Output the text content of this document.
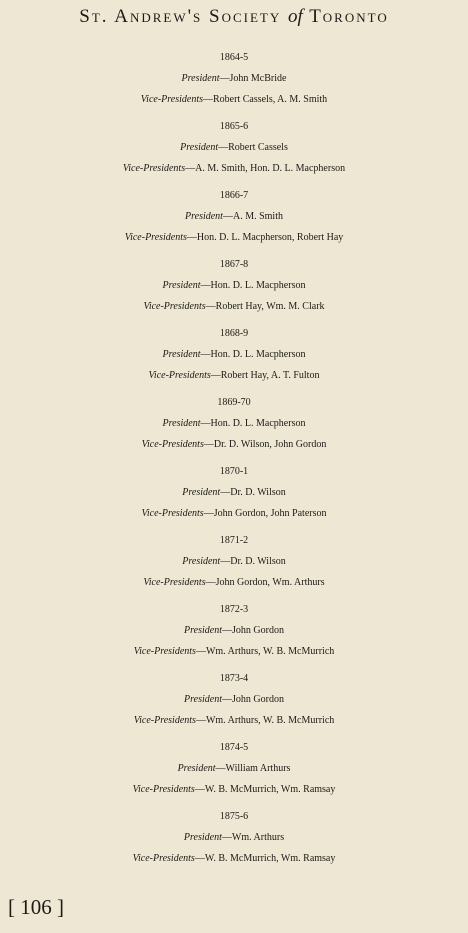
St. Andrew's Society of Toronto
1864-5
President—John McBride
Vice-Presidents—Robert Cassels, A. M. Smith
1865-6
President—Robert Cassels
Vice-Presidents—A. M. Smith, Hon. D. L. Macpherson
1866-7
President—A. M. Smith
Vice-Presidents—Hon. D. L. Macpherson, Robert Hay
1867-8
President—Hon. D. L. Macpherson
Vice-Presidents—Robert Hay, Wm. M. Clark
1868-9
President—Hon. D. L. Macpherson
Vice-Presidents—Robert Hay, A. T. Fulton
1869-70
President—Hon. D. L. Macpherson
Vice-Presidents—Dr. D. Wilson, John Gordon
1870-1
President—Dr. D. Wilson
Vice-Presidents—John Gordon, John Paterson
1871-2
President—Dr. D. Wilson
Vice-Presidents—John Gordon, Wm. Arthurs
1872-3
President—John Gordon
Vice-Presidents—Wm. Arthurs, W. B. McMurrich
1873-4
President—John Gordon
Vice-Presidents—Wm. Arthurs, W. B. McMurrich
1874-5
President—William Arthurs
Vice-Presidents—W. B. McMurrich, Wm. Ramsay
1875-6
President—Wm. Arthurs
Vice-Presidents—W. B. McMurrich, Wm. Ramsay
[ 106 ]
